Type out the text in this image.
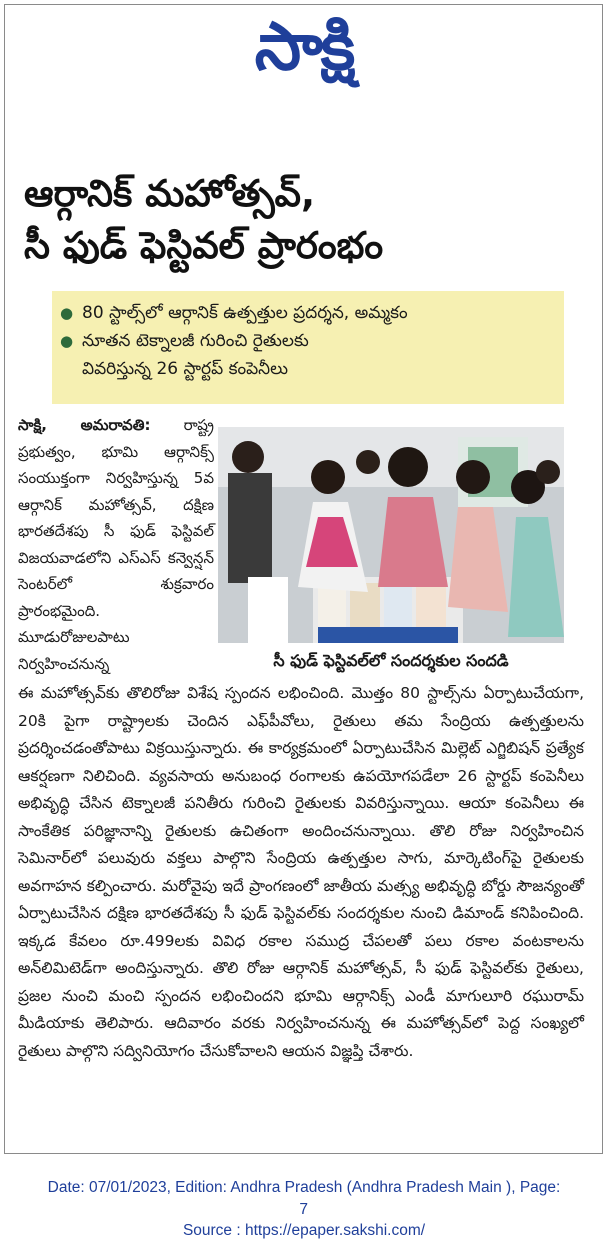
సాక్షి
ఆర్గానిక్‌ మహోత్సవ్,
సీ ఫుడ్‌ ఫెస్టివల్‌ ప్రారంభం
● 80 స్టాల్స్‌లో ఆర్గానిక్‌ ఉత్పత్తుల ప్రదర్శన, అమ్మకం
● నూతన టెక్నాలజీ గురించి రైతులకు
వివరిస్తున్న 26 స్టార్టప్‌ కంపెనీలు
సాక్షి, అమరావతి: రాష్ట్ర ప్రభుత్వం, భూమి ఆర్గానిక్స్‌ సంయుక్తంగా నిర్వహిస్తున్న 5వ ఆర్గానిక్‌ మహోత్సవ్, దక్షిణ భారతదేశపు సీ ఫుడ్‌ ఫెస్టివల్‌ విజయవాడలోని ఎస్‌ఎస్‌ కన్వెన్షన్‌ సెంటర్‌లో శుక్రవారం ప్రారంభమైంది. మూడురోజులపాటు నిర్వహించనున్న	సీ ఫుడ్‌ ఫెస్టివల్‌లో సందర్శకుల సందడి
ఈ మహోత్సవ్‌కు తొలిరోజు విశేష స్పందన లభించింది. మొత్తం 80 స్టాల్స్‌ను ఏర్పాటుచేయగా, 20కి పైగా రాష్ట్రాలకు చెందిన ఎఫ్‌పీవోలు, రైతులు తమ సేంద్రియ ఉత్పత్తులను ప్రదర్శించడంతోపాటు విక్రయిస్తున్నారు. ఈ కార్యక్రమంలో ఏర్పాటుచేసిన మిల్లెట్‌ ఎగ్జిబిషన్‌ ప్రత్యేక ఆకర్షణగా నిలిచింది. వ్యవసాయ అనుబంధ రంగాలకు ఉపయోగపడేలా 26 స్టార్టప్‌ కంపెనీలు అభివృద్ధి చేసిన టెక్నాలజీ పనితీరు గురించి రైతులకు వివరిస్తున్నాయి. ఆయా కంపెనీలు ఈ సాంకేతిక పరిజ్ఞానాన్ని రైతులకు ఉచితంగా అందించనున్నాయి. తొలి రోజు నిర్వహించిన సెమినార్‌లో పలువురు వక్తలు పాల్గొని సేంద్రియ ఉత్పత్తుల సాగు, మార్కెటింగ్‌పై రైతులకు అవగాహన కల్పించారు. మరోవైపు ఇదే ప్రాంగణంలో జాతీయ మత్స్య అభివృద్ధి బోర్డు సౌజన్యంతో ఏర్పాటుచేసిన దక్షిణ భారతదేశపు సీ ఫుడ్‌ ఫెస్టివల్‌కు సందర్శకుల నుంచి డిమాండ్‌ కనిపించింది. ఇక్కడ కేవలం రూ.499లకు వివిధ రకాల సముద్ర చేపలతో పలు రకాల వంటకాలను అన్‌లిమిటెడ్‌గా అందిస్తున్నారు. తొలి రోజు ఆర్గానిక్‌ మహోత్సవ్, సీ ఫుడ్‌ ఫెస్టివల్‌కు రైతులు, ప్రజల నుంచి మంచి స్పందన లభించిందని భూమి ఆర్గానిక్స్‌ ఎండీ మాగులూరి రఘురామ్‌ మీడియాకు తెలిపారు. ఆదివారం వరకు నిర్వహించనున్న ఈ మహోత్సవ్‌లో పెద్ద సంఖ్యలో రైతులు పాల్గొని సద్వినియోగం చేసుకోవాలని ఆయన విజ్ఞప్తి చేశారు.
Date: 07/01/2023, Edition: Andhra Pradesh (Andhra Pradesh Main ), Page:
7
Source : https://epaper.sakshi.com/
